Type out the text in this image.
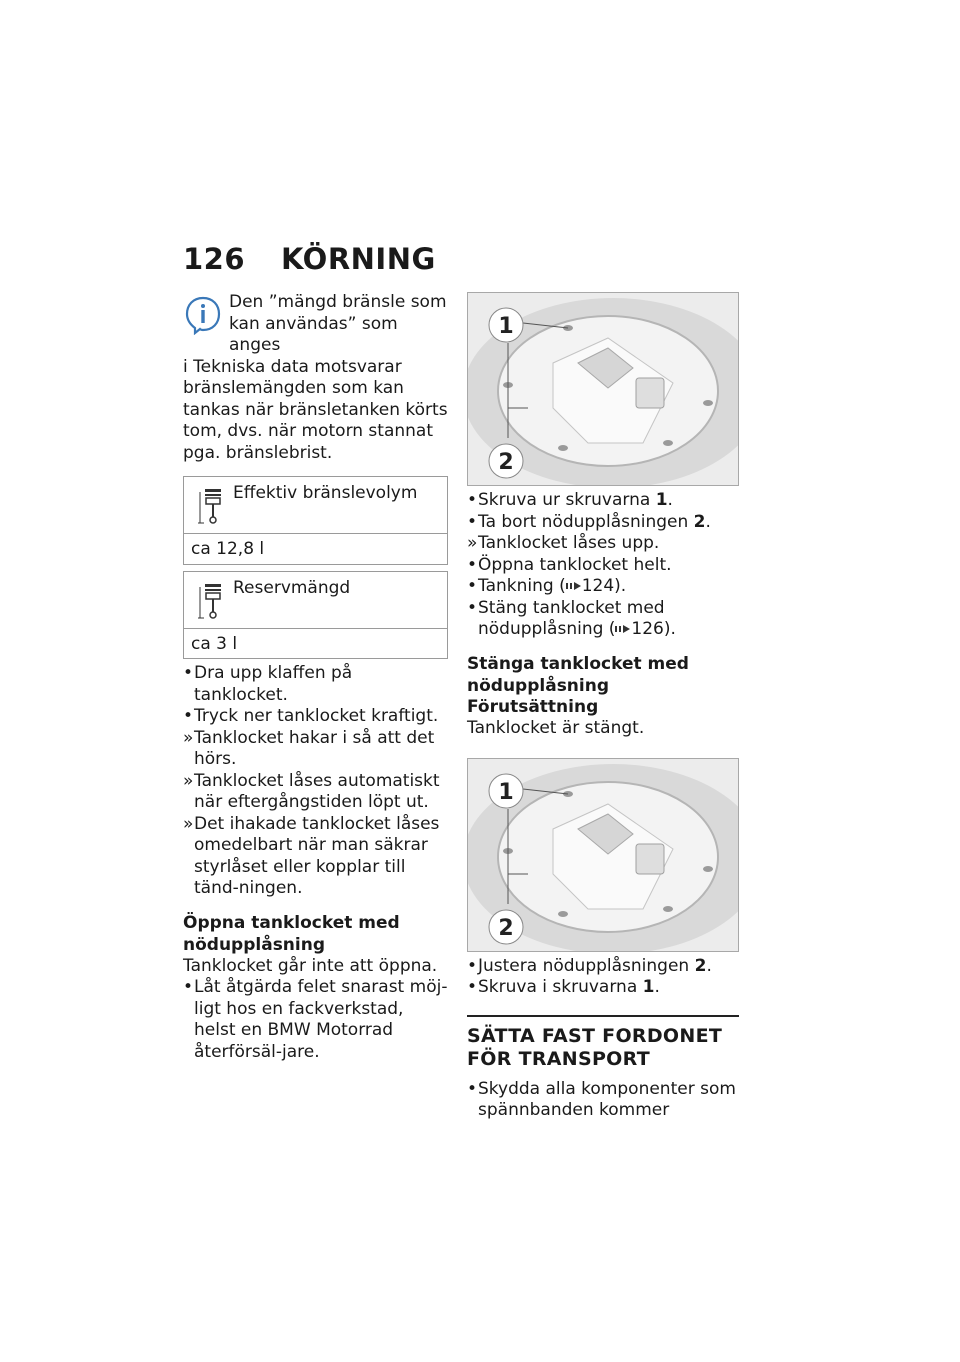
126 KÖRNING
Den ”mängd bränsle som
kan användas” som anges
i Tekniska data motsvarar bränslemängden som kan tankas när bränsletanken körts tom, dvs. när motorn stannat pga. bränslebrist.
Effektiv bränslevolym
ca 12,8 l
Reservmängd
ca 3 l
• Dra upp klaffen på tanklocket.
• Tryck ner tanklocket kraftigt.
» Tanklocket hakar i så att det hörs.
» Tanklocket låses automatiskt när eftergångstiden löpt ut.
» Det ihakade tanklocket låses omedelbart när man säkrar styrlåset eller kopplar till tänd-ningen.
Öppna tanklocket med nödupplåsning

Tanklocket går inte att öppna.

• Låt åtgärda felet snarast möj-ligt hos en fackverkstad, helst en BMW Motorrad återförsäl-jare.
1
2
• Skruva ur skruvarna 1.
• Ta bort nödupplåsningen 2.
» Tanklocket låses upp.
• Öppna tanklocket helt.
• Tankning ( 124).
• Stäng tanklocket med nödupplåsning ( 126).
Stänga tanklocket med nödupplåsning
Förutsättning

Tanklocket är stängt.

1
2
• Justera nödupplåsningen 2.
• Skruva i skruvarna 1.
SÄTTA FAST FORDONET FÖR TRANSPORT
• Skydda alla komponenter som spännbanden kommer
